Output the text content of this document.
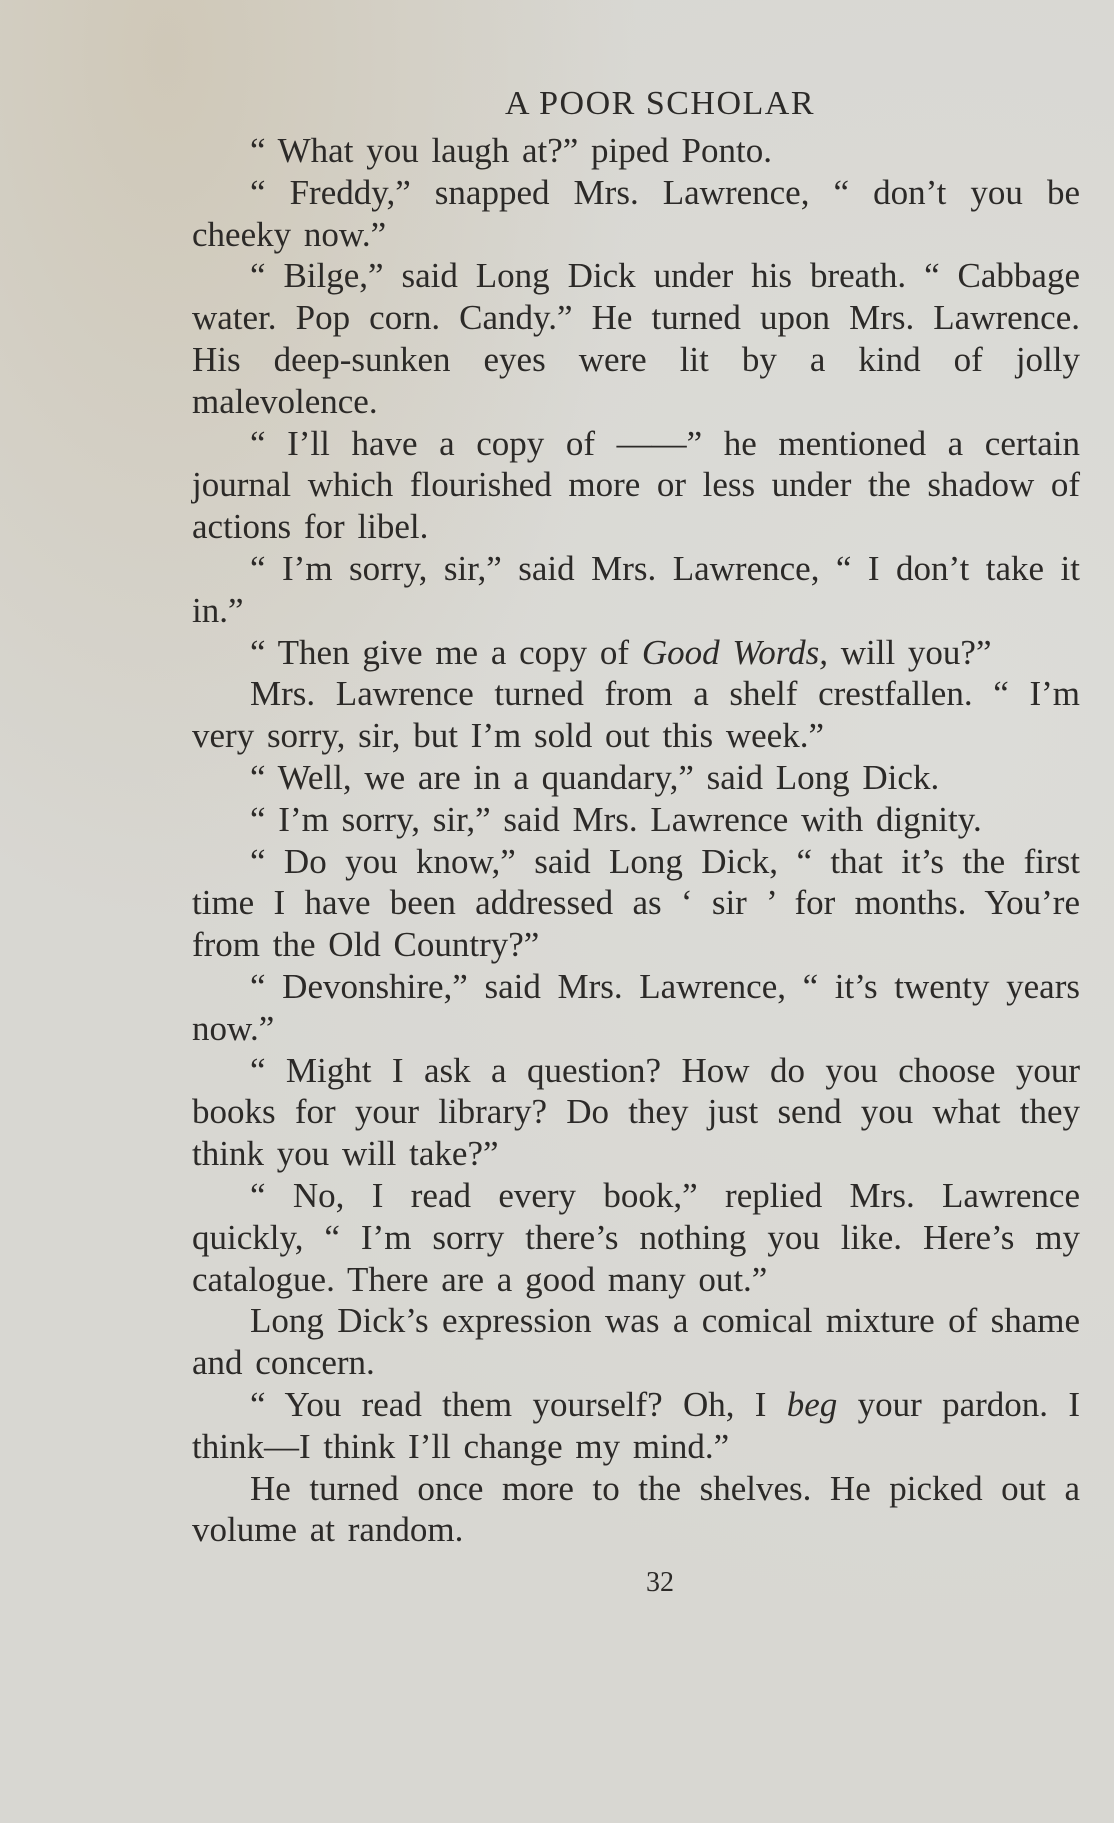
A POOR SCHOLAR

“ What you laugh at?” piped Ponto.

“ Freddy,” snapped Mrs. Lawrence, “ don’t you be cheeky now.”

“ Bilge,” said Long Dick under his breath. “ Cabbage water. Pop corn. Candy.” He turned upon Mrs. Lawrence. His deep-sunken eyes were lit by a kind of jolly malevolence.

“ I’ll have a copy of ——” he mentioned a certain journal which flourished more or less under the shadow of actions for libel.

“ I’m sorry, sir,” said Mrs. Lawrence, “ I don’t take it in.”

“ Then give me a copy of Good Words, will you?”

Mrs. Lawrence turned from a shelf crestfallen. “ I’m very sorry, sir, but I’m sold out this week.”

“ Well, we are in a quandary,” said Long Dick.

“ I’m sorry, sir,” said Mrs. Lawrence with dignity.

“ Do you know,” said Long Dick, “ that it’s the first time I have been addressed as ‘ sir ’ for months. You’re from the Old Country?”

“ Devonshire,” said Mrs. Lawrence, “ it’s twenty years now.”

“ Might I ask a question? How do you choose your books for your library? Do they just send you what they think you will take?”

“ No, I read every book,” replied Mrs. Lawrence quickly, “ I’m sorry there’s nothing you like. Here’s my catalogue. There are a good many out.”

Long Dick’s expression was a comical mixture of shame and concern.

“ You read them yourself? Oh, I beg your pardon. I think—I think I’ll change my mind.”

He turned once more to the shelves. He picked out a volume at random.

32
